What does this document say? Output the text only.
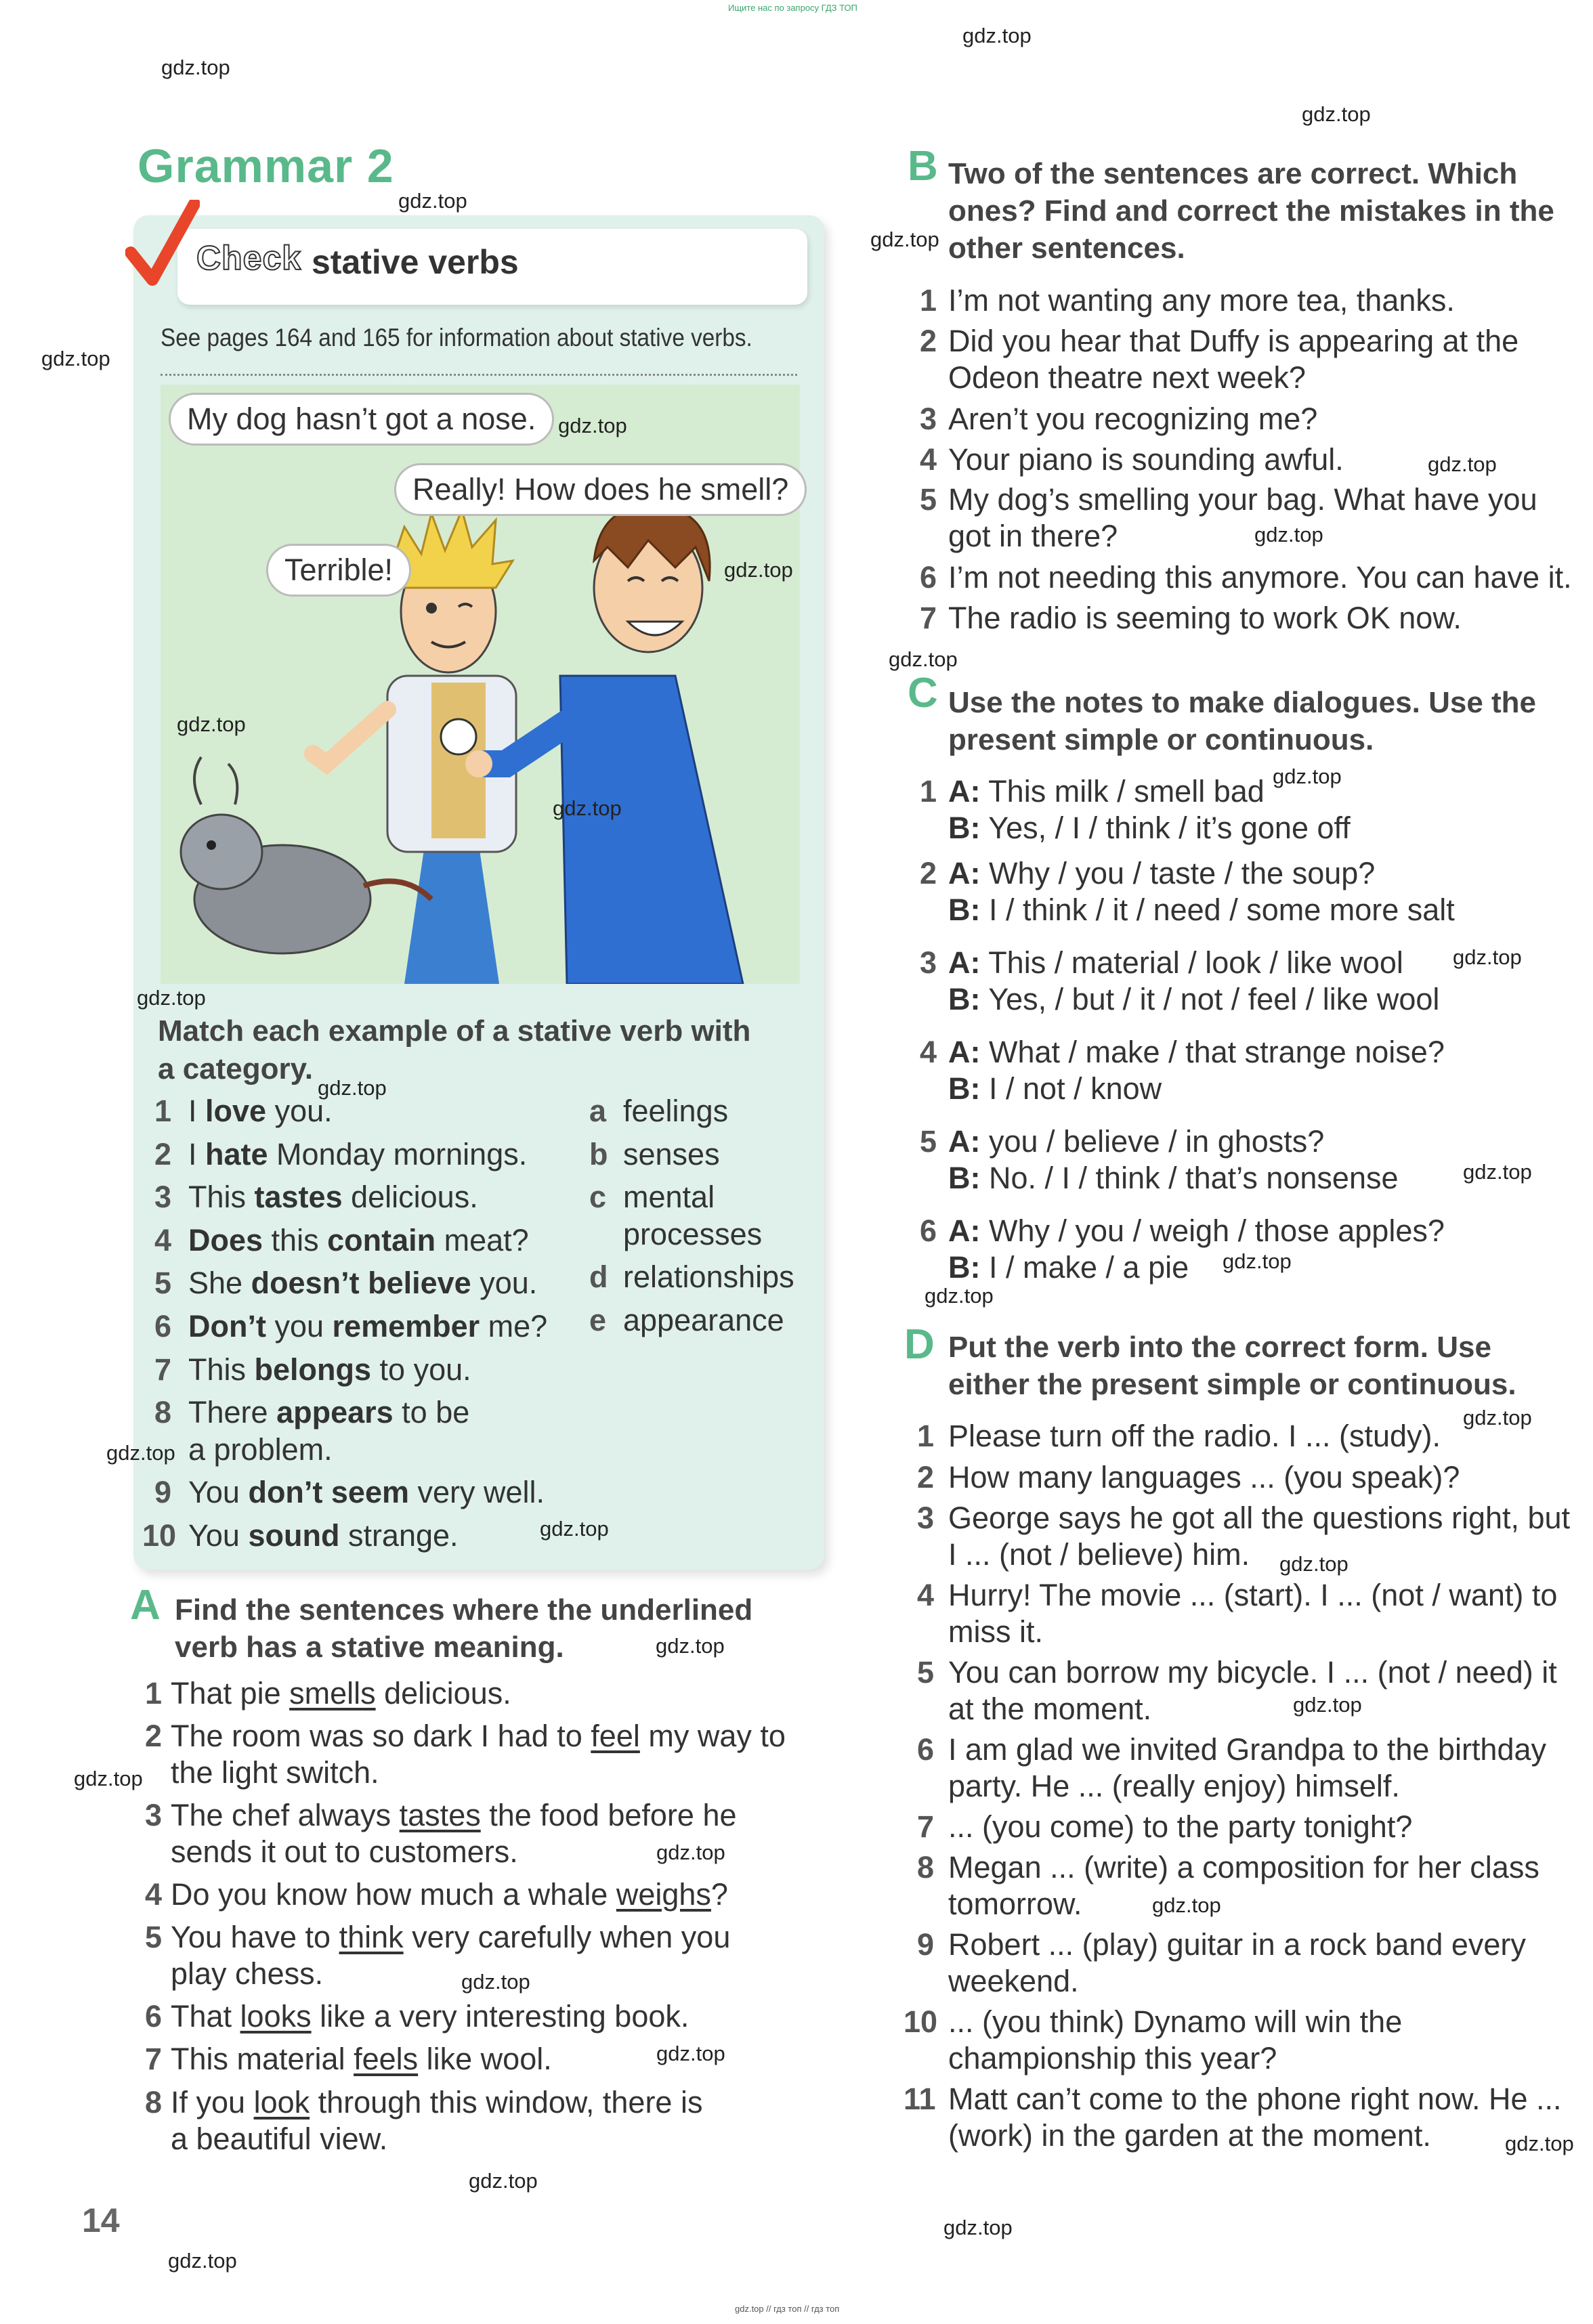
Ищите нас по запросу ГДЗ ТОП
gdz.top // гдз топ // гдз топ
Grammar 2
Check stative verbs
See pages 164 and 165 for information about stative verbs.
My dog hasn’t got a nose.
Really! How does he smell?
Terrible!
Match each example of a stative verb with a category.
1 I love you.
2 I hate Monday mornings.
3 This tastes delicious.
4 Does this contain meat?
5 She doesn’t believe you.
6 Don’t you remember me?
7 This belongs to you.
8 There appears to be
a problem.
9 You don’t seem very well.
10 You sound strange.
a feelings
b senses
c mental
processes
d relationships
e appearance
A Find the sentences where the underlined
verb has a stative meaning.
1 That pie smells delicious.
2 The room was so dark I had to feel my way to
the light switch.
3 The chef always tastes the food before he
sends it out to customers.
4 Do you know how much a whale weighs?
5 You have to think very carefully when you
play chess.
6 That looks like a very interesting book.
7 This material feels like wool.
8 If you look through this window, there is
a beautiful view.
B Two of the sentences are correct. Which
ones? Find and correct the mistakes in the
other sentences.
1 I’m not wanting any more tea, thanks.
2 Did you hear that Duffy is appearing at the
Odeon theatre next week?
3 Aren’t you recognizing me?
4 Your piano is sounding awful.
5 My dog’s smelling your bag. What have you
got in there?
6 I’m not needing this anymore. You can have it.
7 The radio is seeming to work OK now.
C Use the notes to make dialogues. Use the
present simple or continuous.
1 A: This milk / smell bad
B: Yes, / I / think / it’s gone off
2 A: Why / you / taste / the soup?
B: I / think / it / need / some more salt
3 A: This / material / look / like wool
B: Yes, / but / it / not / feel / like wool
4 A: What / make / that strange noise?
B: I / not / know
5 A: you / believe / in ghosts?
B: No. / I / think / that’s nonsense
6 A: Why / you / weigh / those apples?
B: I / make / a pie
D Put the verb into the correct form. Use
either the present simple or continuous.
1 Please turn off the radio. I ... (study).
2 How many languages ... (you speak)?
3 George says he got all the questions right, but
I ... (not / believe) him.
4 Hurry! The movie ... (start). I ... (not / want) to
miss it.
5 You can borrow my bicycle. I ... (not / need) it
at the moment.
6 I am glad we invited Grandpa to the birthday
party. He ... (really enjoy) himself.
7 ... (you come) to the party tonight?
8 Megan ... (write) a composition for her class
tomorrow.
9 Robert ... (play) guitar in a rock band every
weekend.
10 ... (you think) Dynamo will win the
championship this year?
11 Matt can’t come to the phone right now. He ...
(work) in the garden at the moment.
14
gdz.top
gdz.top
gdz.top
gdz.top
gdz.top
gdz.top
gdz.top
gdz.top
gdz.top
gdz.top
gdz.top
gdz.top
gdz.top
gdz.top
gdz.top
gdz.top
gdz.top
gdz.top
gdz.top
gdz.top
gdz.top
gdz.top
gdz.top
gdz.top
gdz.top
gdz.top
gdz.top
gdz.top
gdz.top
gdz.top
gdz.top
gdz.top
gdz.top
gdz.top
gdz.top
